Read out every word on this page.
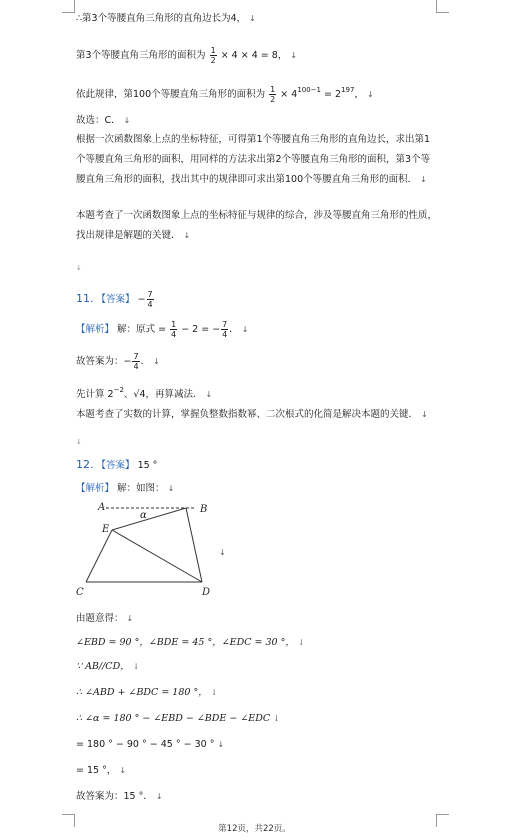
∴第3个等腰直角三角形的直角边长为4， ↓
第3个等腰直角三角形的面积为 $\frac{1}{2} \times 4 \times 4 = 8$， ↓
依此规律，第100个等腰直角三角形的面积为 $\frac{1}{2} \times 4^{100-1} = 2^{197}$， ↓
故选：C． ↓
根据一次函数图象上点的坐标特征，可得第1个等腰直角三角形的直角边长，求出第1个等腰直角三角形的面积，用同样的方法求出第2个等腰直角三角形的面积，第3个等腰直角三角形的面积，找出其中的规律即可求出第100个等腰直角三角形的面积． ↓
本题考查了一次函数图象上点的坐标特征与规律的综合，涉及等腰直角三角形的性质，找出规律是解题的关键． ↓
↓
11. 【答案】 − $\frac{7}{4}$
【解析】 解：原式 = $\frac{1}{4} - 2$ = − $\frac{7}{4}$ ． ↓
故答案为：− $\frac{7}{4}$ ． ↓
先计算 $2^{-2}$、√4，再算减法． ↓
本题考查了实数的计算，掌握负整数指数幂、二次根式的化简是解决本题的关键． ↓
↓
12. 【答案】 15 °
【解析】 解：如图： ↓
A	B
E
C	D
α
↓
由题意得： ↓
∠EBD = 90 °，∠BDE = 45 °，∠EDC = 30 °， ↓
∵ AB//CD， ↓
∴ ∠ABD + ∠BDC = 180 °， ↓
∴ ∠α = 180 ° − ∠EBD − ∠BDE − ∠EDC ↓
= 180 ° − 90 ° − 45 ° − 30 ° ↓
= 15 °， ↓
故答案为：15 °． ↓
第12页，共22页。
